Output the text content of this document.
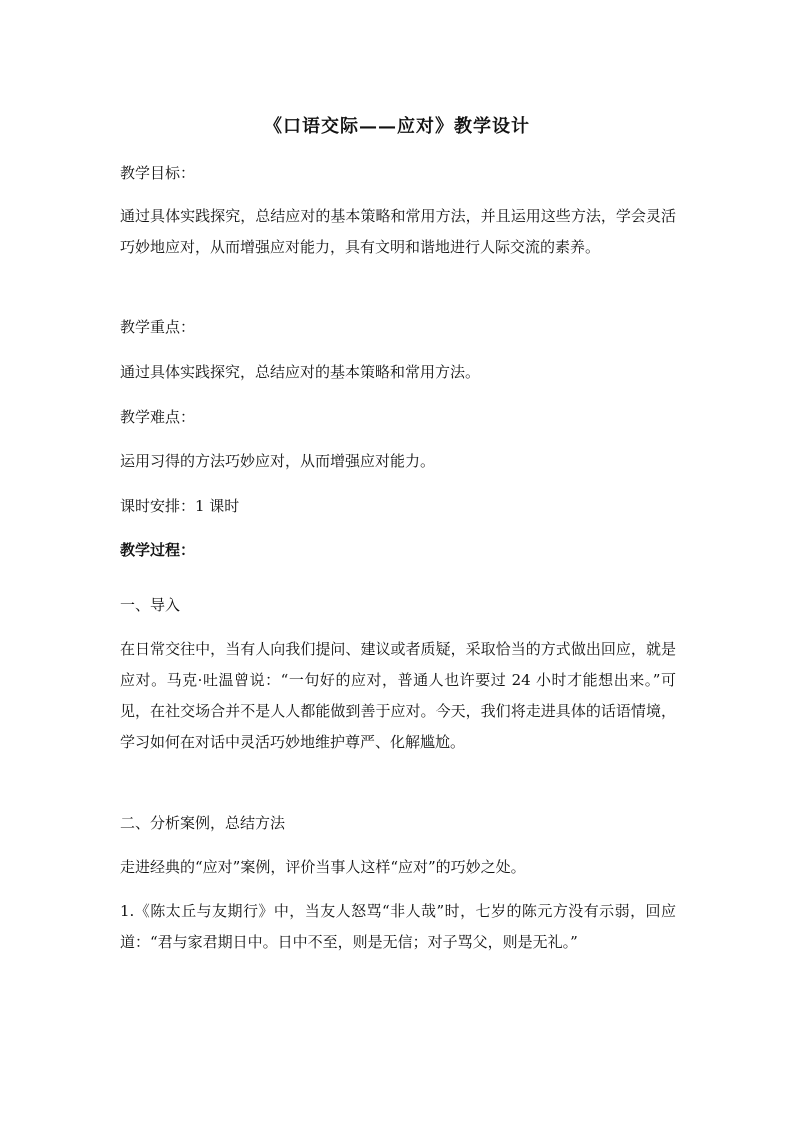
《口语交际——应对》教学设计
教学目标：
通过具体实践探究，总结应对的基本策略和常用方法，并且运用这些方法，学会灵活巧妙地应对，从而增强应对能力，具有文明和谐地进行人际交流的素养。
教学重点：
通过具体实践探究，总结应对的基本策略和常用方法。
教学难点：
运用习得的方法巧妙应对，从而增强应对能力。
课时安排：1 课时
教学过程：
一、导入
在日常交往中，当有人向我们提问、建议或者质疑，采取恰当的方式做出回应，就是应对。马克·吐温曾说：“一句好的应对，普通人也许要过 24 小时才能想出来。”可见，在社交场合并不是人人都能做到善于应对。今天，我们将走进具体的话语情境，学习如何在对话中灵活巧妙地维护尊严、化解尴尬。
二、分析案例，总结方法
走进经典的“应对”案例，评价当事人这样“应对”的巧妙之处。
1.《陈太丘与友期行》中，当友人怒骂“非人哉”时，七岁的陈元方没有示弱，回应道：“君与家君期日中。日中不至，则是无信；对子骂父，则是无礼。”
